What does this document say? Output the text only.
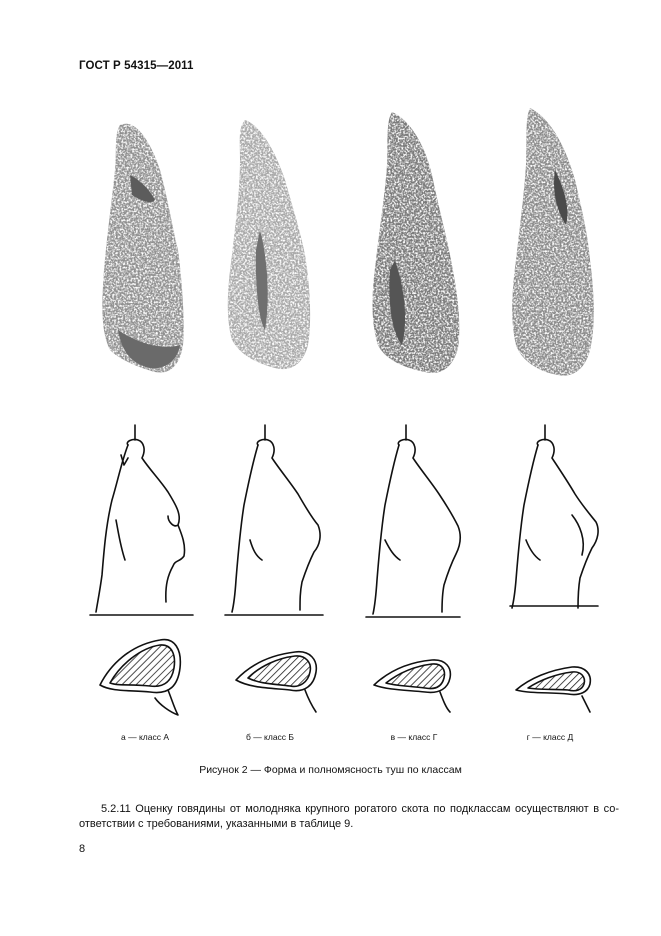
ГОСТ Р 54315—2011
а — класс А	б — класс Б	в — класс Г	г — класс Д
Рисунок 2 — Форма и полномясность туш по классам
5.2.11 Оценку говядины от молодняка крупного рогатого скота по подклассам осуществляют в со-ответствии с требованиями, указанными в таблице 9.
8
